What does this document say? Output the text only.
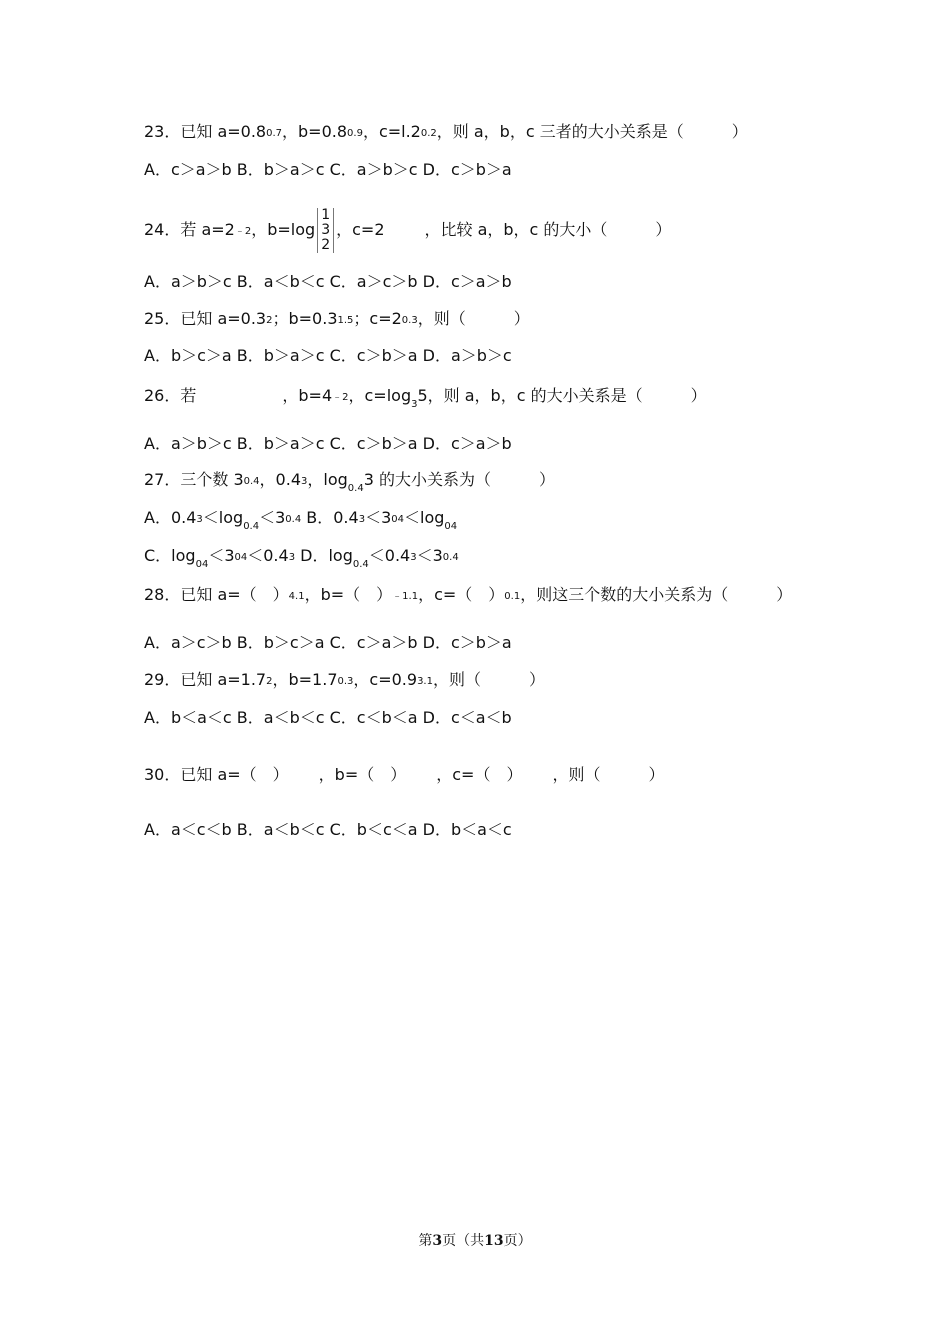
23．已知 a=0.80.7，b=0.80.9，c=l.20.2，则 a，b，c 三者的大小关系是（　　　）
A．c＞a＞b B．b＞a＞c C．a＞b＞c D．c＞b＞a
24．若 a=2﹣2，b=log
1
3
2
，c=2	，比较 a，b，c 的大小（　　　）
A．a＞b＞c B．a＜b＜c C．a＞c＞b D．c＞a＞b
25．已知 a=0.32；b=0.31.5；c=20.3，则（　　　）
A．b＞c＞a B．b＞a＞c C．c＞b＞a D．a＞b＞c
26．若	，b=4﹣2，$c=\log_35$，则 a，b，c 的大小关系是（　　　）
A．a＞b＞c B．b＞a＞c C．c＞b＞a D．c＞a＞b
27．三个数 30.4，0.43，$\log_{0.4}3$ 的大小关系为（　　　）
A．$0.43<\log_{0.4}<30.4$ B．$0.43<304<\log_{04}$
C．$\log_{04}<304<0.43$ D．$\log_{0.4}<0.43<30.4$
28．已知 a=（　）4.1，b=（　）﹣1.1，c=（　）0.1，则这三个数的大小关系为（　　　）
A．a＞c＞b B．b＞c＞a C．c＞a＞b D．c＞b＞a
29．已知 a=1.72，b=1.70.3，c=0.93.1，则（　　　）
A．b＜a＜c B．a＜b＜c C．c＜b＜a D．c＜a＜b
30．已知 a=（　） ，b=（　） ，c=（　） ，则（　　　）
A．a＜c＜b B．a＜b＜c C．b＜c＜a D．b＜a＜c
第3页（共13页）
